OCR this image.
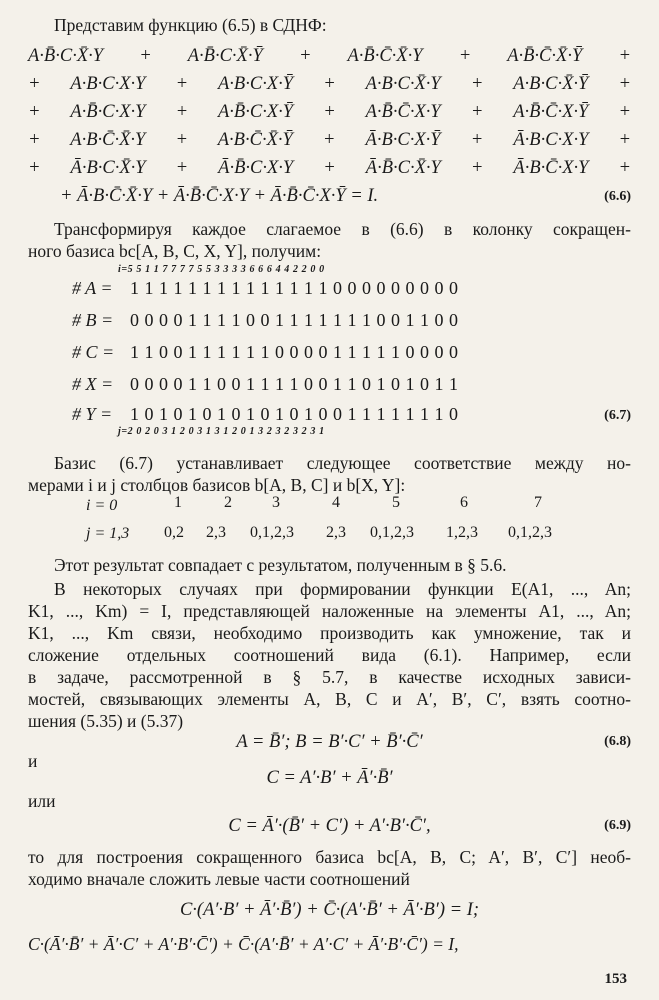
Представим функцию (6.5) в СДНФ:
A·B̄·C·X̄·Y + A·B̄·C·X̄·Ȳ + A·B̄·C̄·X̄·Y + A·B̄·C̄·X̄·Ȳ +
+ A·B·C·X·Y + A·B·C·X·Ȳ + A·B·C·X̄·Y + A·B·C·X̄·Ȳ +
+ A·B̄·C·X·Y + A·B̄·C·X·Ȳ + A·B̄·C̄·X·Y + A·B̄·C̄·X·Ȳ +
+ A·B·C̄·X̄·Y + A·B·C̄·X̄·Ȳ + Ā·B·C·X·Ȳ + Ā·B·C·X·Y +
+ Ā·B·C·X̄·Y + Ā·B̄·C·X·Y + Ā·B̄·C·X̄·Y + Ā·B·C̄·X·Y +
+ Ā·B·C̄·X̄·Y + Ā·B̄·C̄·X·Y + Ā·B̄·C̄·X·Ȳ = I.	(6.6)
Трансформируя каждое слагаемое в (6.6) в колонку сокращен-
ного базиса bс[A, B, C, X, Y], получим:
i=5 5 1 1 7 7 7 7 5 5 3 3 3 3 6 6 6 4 4 2 2 0 0
# A = 1 1 1 1 1 1 1 1 1 1 1 1 1 1 0 0 0 0 0 0 0 0 0
# B = 0 0 0 0 1 1 1 1 0 0 1 1 1 1 1 1 1 0 0 1 1 0 0
# C = 1 1 0 0 1 1 1 1 1 1 0 0 0 0 1 1 1 1 1 0 0 0 0
# X = 0 0 0 0 1 1 0 0 1 1 1 1 0 0 1 1 0 1 0 1 0 1 1
# Y = 1 0 1 0 1 0 1 0 1 0 1 0 1 0 0 1 1 1 1 1 1 1 0	(6.7)
j=2 0 2 0 3 1 2 0 3 1 3 1 2 0 1 3 2 3 2 3 2 3 1
Базис (6.7) устанавливает следующее соответствие между но-
мерами i и j столбцов базисов b[A, B, C] и b[X, Y]:
i = 0	1	2	3	4	5	6	7
j = 1,3 0,2 2,3 0,1,2,3 2,3 0,1,2,3 1,2,3 0,1,2,3
Этот результат совпадает с результатом, полученным в § 5.6.
В некоторых случаях при формировании функции E(A1, ..., An;
K1, ..., Km) = I, представляющей наложенные на элементы A1, ..., An;
K1, ..., Km связи, необходимо производить как умножение, так и
сложение отдельных соотношений вида (6.1). Например, если
в задаче, рассмотренной в § 5.7, в качестве исходных зависи-
мостей, связывающих элементы A, B, C и A′, B′, C′, взять соотно-
шения (5.35) и (5.37)
A = B̄′; B = B′·C′ + B̄′·C̄′	(6.8)
и
C = A′·B′ + Ā′·B̄′
или
C = Ā′·(B̄′ + C′) + A′·B′·C̄′,	(6.9)
то для построения сокращенного базиса bс[A, B, C; A′, B′, C′] необ-
ходимо вначале сложить левые части соотношений
C·(A′·B′ + Ā′·B̄′) + C̄·(A′·B̄′ + Ā′·B′) = I;
C·(Ā′·B̄′ + Ā′·C′ + A′·B′·C̄′) + C̄·(A′·B̄′ + A′·C′ + Ā′·B′·C̄′) = I,
153
